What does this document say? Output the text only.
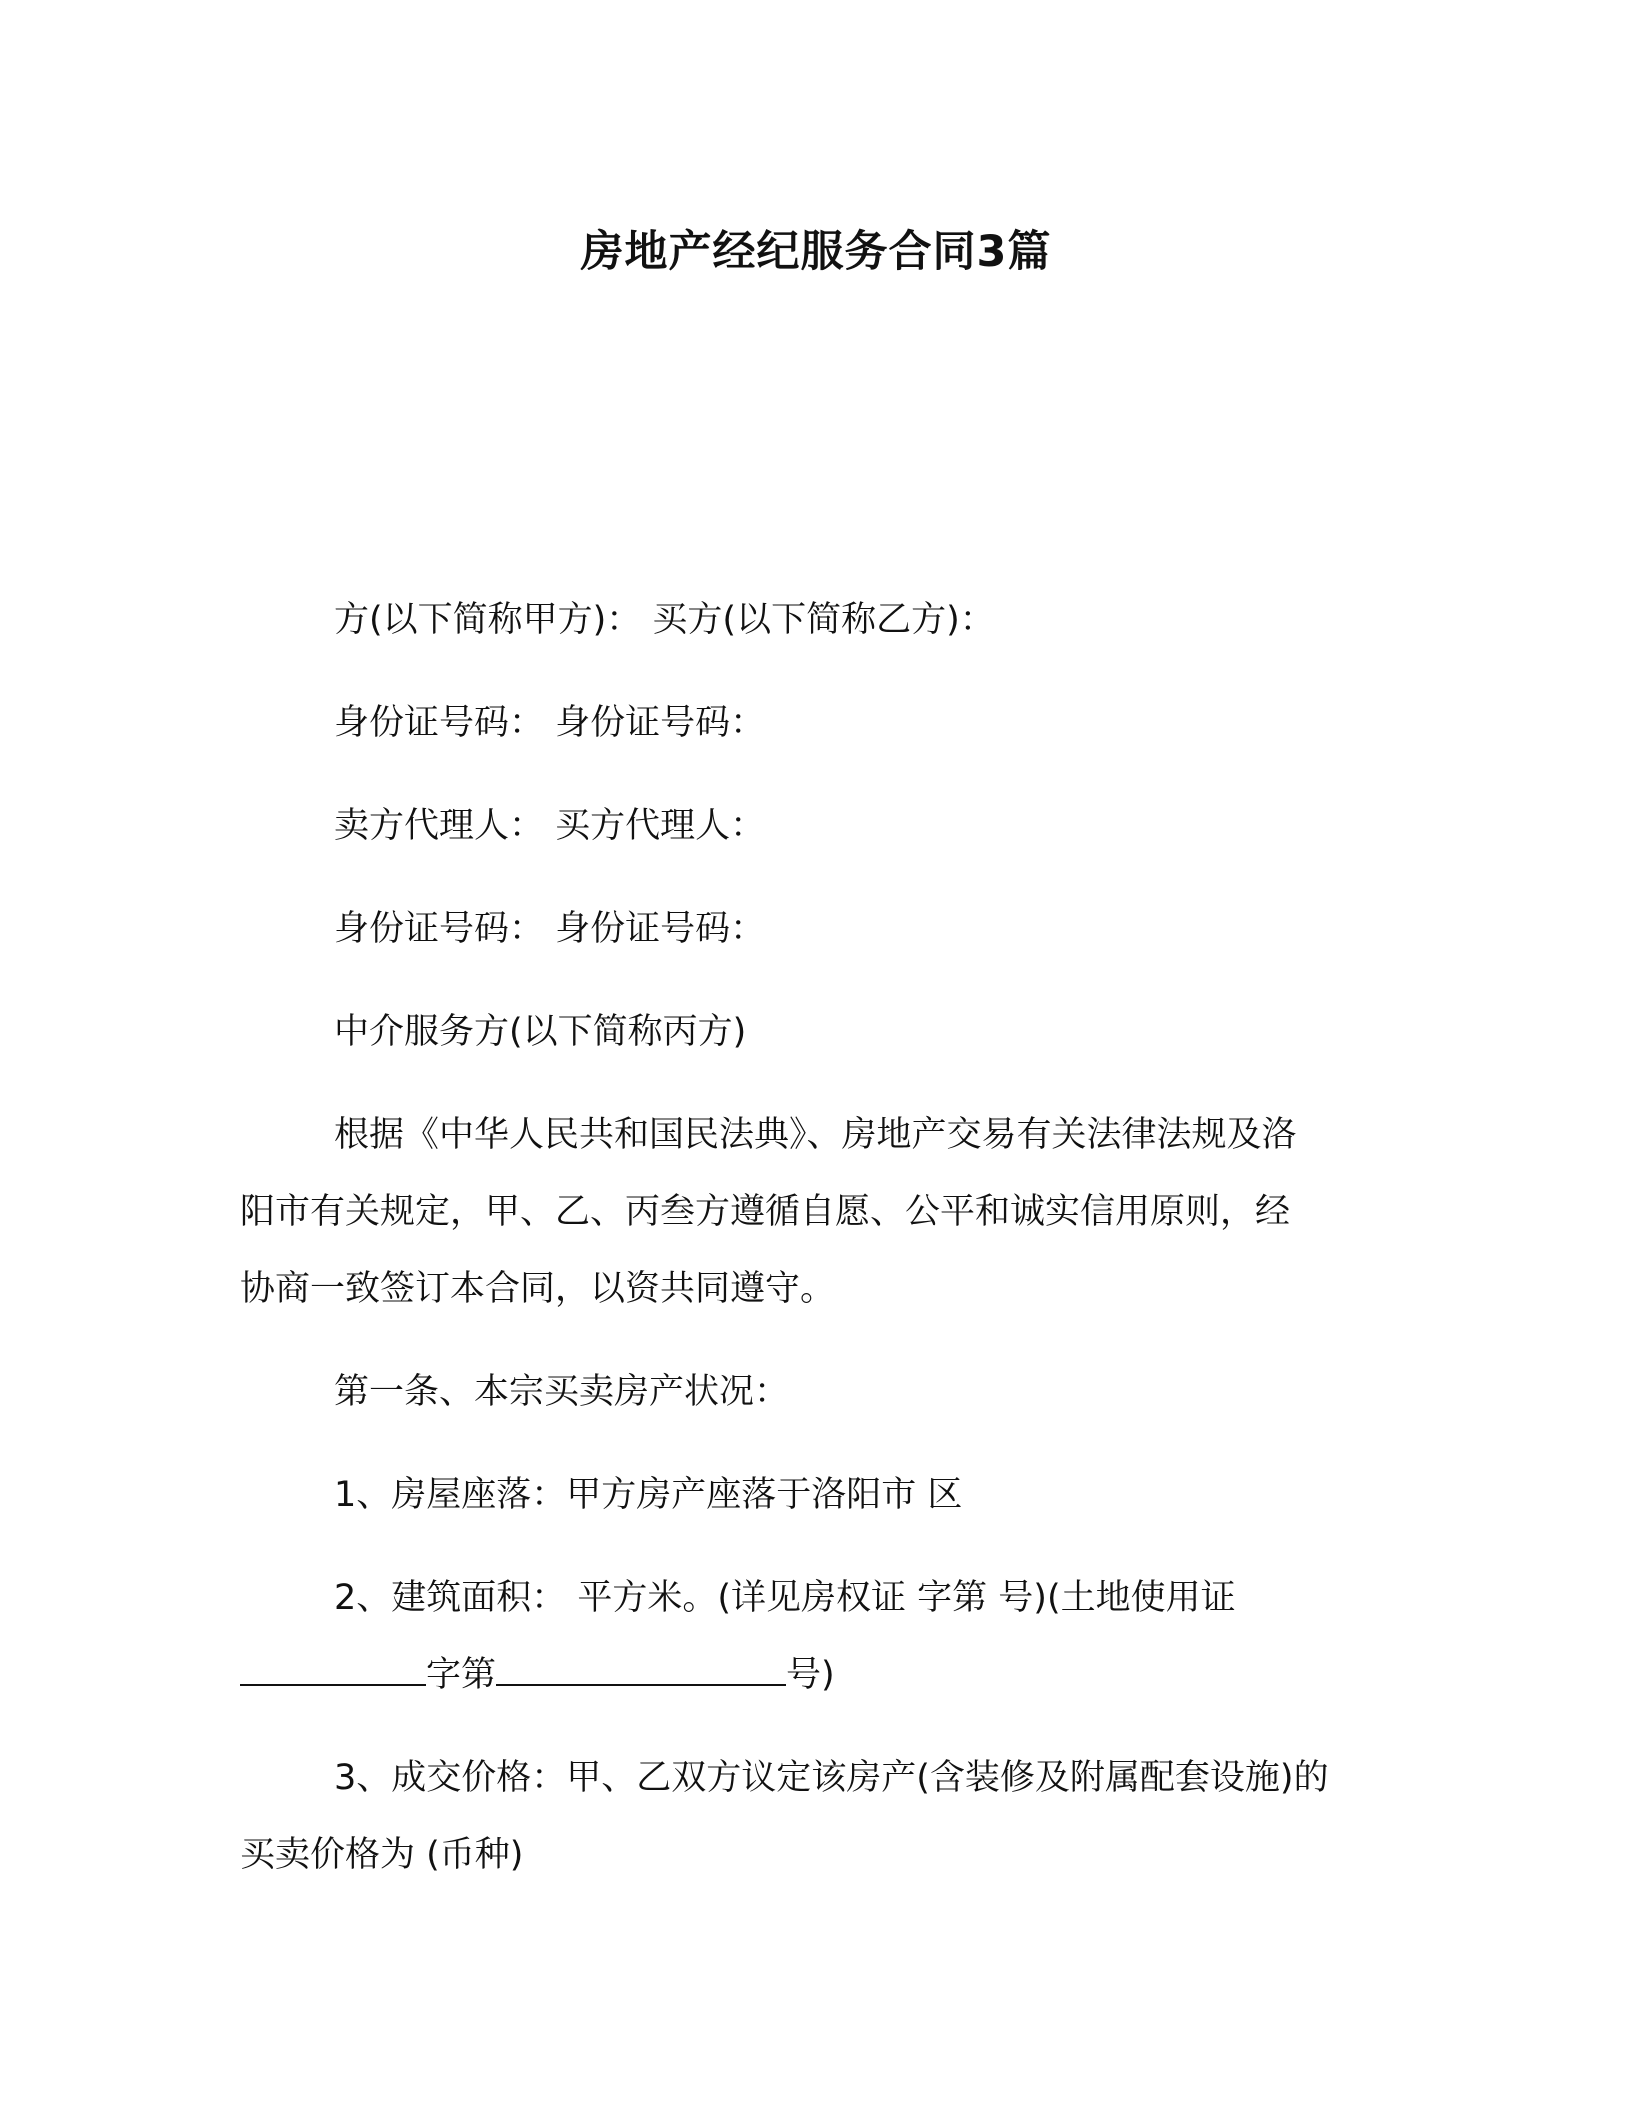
房地产经纪服务合同3篇
方(以下简称甲方)： 买方(以下简称乙方)：
身份证号码： 身份证号码：
卖方代理人： 买方代理人：
身份证号码： 身份证号码：
中介服务方(以下简称丙方)
根据《中华人民共和国民法典》、房地产交易有关法律法规及洛
阳市有关规定，甲、乙、丙叁方遵循自愿、公平和诚实信用原则，经
协商一致签订本合同，以资共同遵守。
第一条、本宗买卖房产状况：
1、房屋座落：甲方房产座落于洛阳市 区
2、建筑面积： 平方米。(详见房权证 字第 号)(土地使用证
字第	号)
3、成交价格：甲、乙双方议定该房产(含装修及附属配套设施)的
买卖价格为 (币种)
